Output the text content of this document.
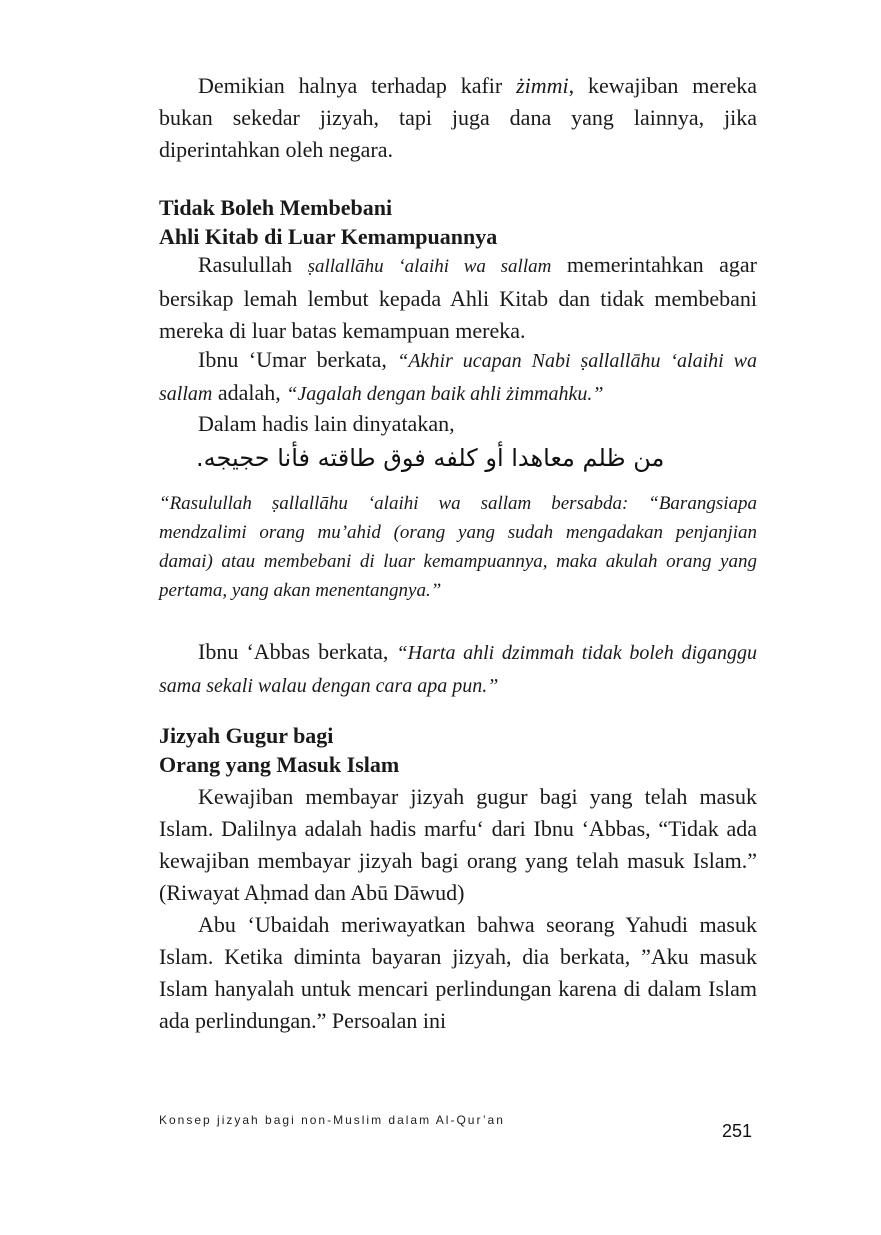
Demikian halnya terhadap kafir żimmi, kewajiban mereka bukan sekedar jizyah, tapi juga dana yang lainnya, jika diperintahkan oleh negara.

Tidak Boleh Membebani
Ahli Kitab di Luar Kemampuannya

Rasulullah ṣallallāhu ‘alaihi wa sallam memerintahkan agar bersikap lemah lembut kepada Ahli Kitab dan tidak membebani mereka di luar batas kemampuan mereka.

Ibnu ‘Umar berkata, “Akhir ucapan Nabi ṣallallāhu ‘alaihi wa sallam adalah, “Jagalah dengan baik ahli żimmahku.”

Dalam hadis lain dinyatakan,

.ﻣﻦ ﻇﻠﻢ ﻣﻌﺎﻫﺪﺍ ﺃﻭ ﻛﻠﻔﻪ ﻓﻮﻕ ﻃﺎﻗﺘﻪ ﻓﺄﻧﺎ ﺣﺠﻴﺠﻪ

“Rasulullah ṣallallāhu ‘alaihi wa sallam bersabda: “Barangsiapa mendzalimi orang mu’ahid (orang yang sudah mengadakan penjanjian damai) atau membebani di luar kemampuannya, maka akulah orang yang pertama, yang akan menentangnya.”

Ibnu ‘Abbas berkata, “Harta ahli dzimmah tidak boleh diganggu sama sekali walau dengan cara apa pun.”

Jizyah Gugur bagi
Orang yang Masuk Islam

Kewajiban membayar jizyah gugur bagi yang telah masuk Islam. Dalilnya adalah hadis marfu‘ dari Ibnu ‘Abbas, “Tidak ada kewajiban membayar jizyah bagi orang yang telah masuk Islam.” (Riwayat Aḥmad dan Abū Dāwud)

Abu ‘Ubaidah meriwayatkan bahwa seorang Yahudi masuk Islam. Ketika diminta bayaran jizyah, dia berkata, ”Aku masuk Islam hanyalah untuk mencari perlindungan karena di dalam Islam ada perlindungan.” Persoalan ini

Konsep jizyah bagi non-Muslim dalam Al-Qur’an
251
